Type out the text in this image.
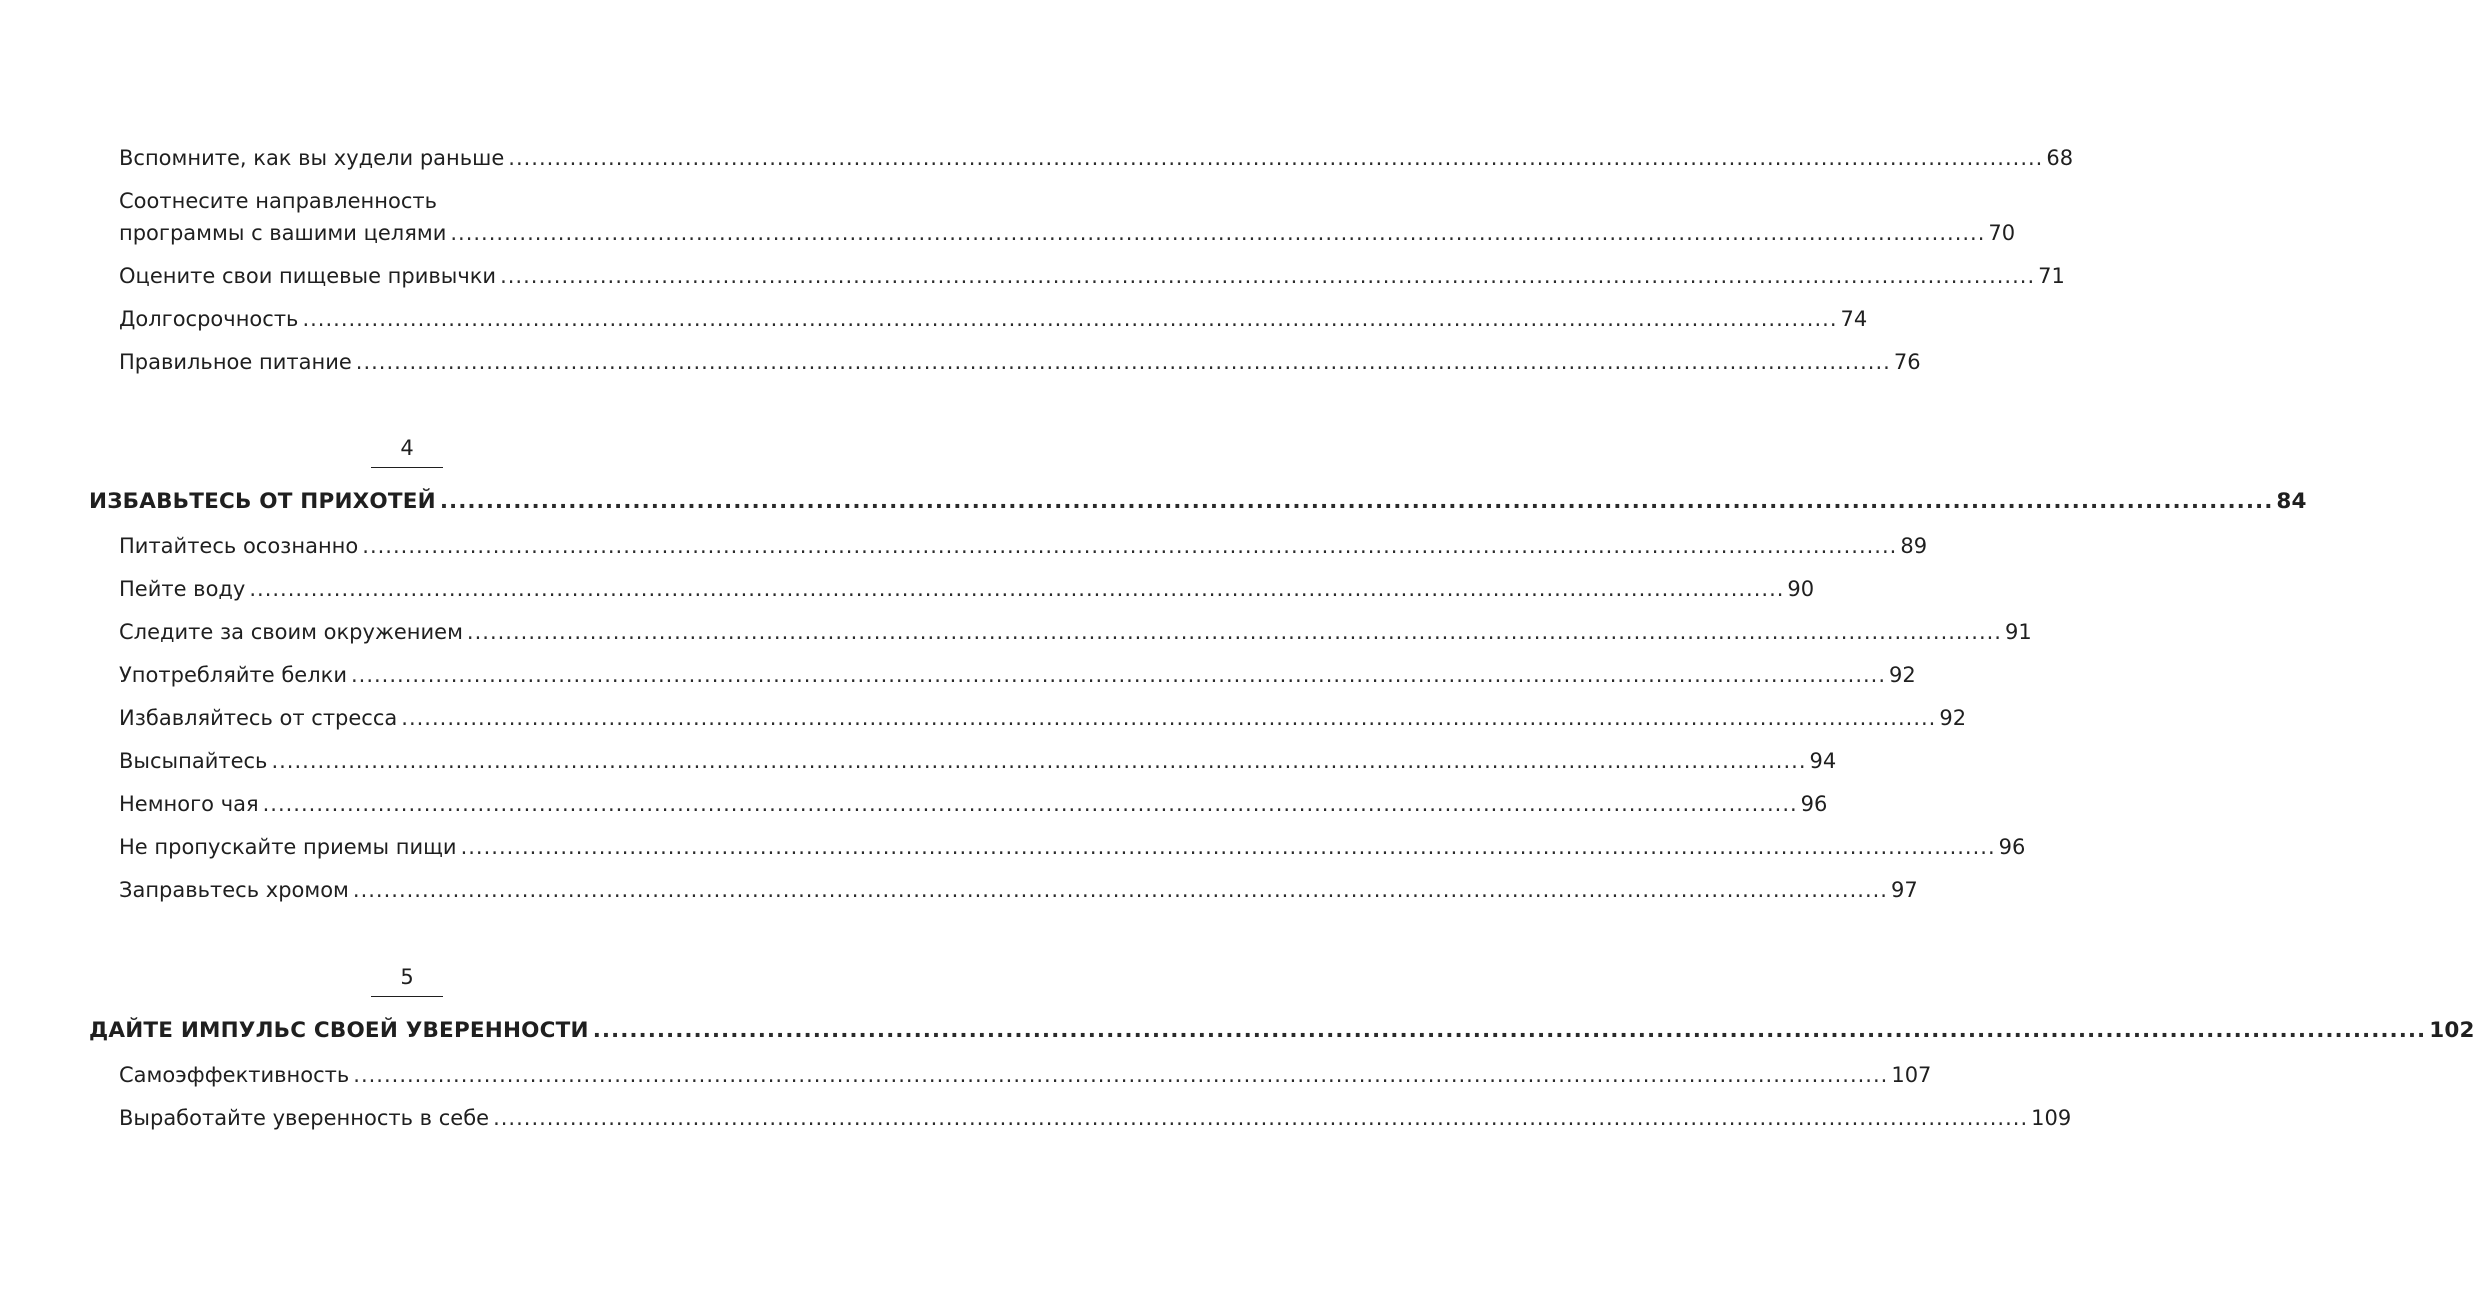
Вспомните, как вы худели раньше ........................................................................................................................................................................................................ 68
Соотнесите направленность
программы с вашими целями ........................................................................................................................................................................................................ 70
Оцените свои пищевые привычки ........................................................................................................................................................................................................ 71
Долгосрочность ........................................................................................................................................................................................................ 74
Правильное питание ........................................................................................................................................................................................................ 76
4
ИЗБАВЬТЕСЬ ОТ ПРИХОТЕЙ ........................................................................................................................................................................................................ 84
Питайтесь осознанно ........................................................................................................................................................................................................ 89
Пейте воду ........................................................................................................................................................................................................ 90
Следите за своим окружением ........................................................................................................................................................................................................ 91
Употребляйте белки ........................................................................................................................................................................................................ 92
Избавляйтесь от стресса ........................................................................................................................................................................................................ 92
Высыпайтесь ........................................................................................................................................................................................................ 94
Немного чая ........................................................................................................................................................................................................ 96
Не пропускайте приемы пищи ........................................................................................................................................................................................................ 96
Заправьтесь хромом ........................................................................................................................................................................................................ 97
5
ДАЙТЕ ИМПУЛЬС СВОЕЙ УВЕРЕННОСТИ ........................................................................................................................................................................................................ 102
Самоэффективность ........................................................................................................................................................................................................ 107
Выработайте уверенность в себе ........................................................................................................................................................................................................ 109
